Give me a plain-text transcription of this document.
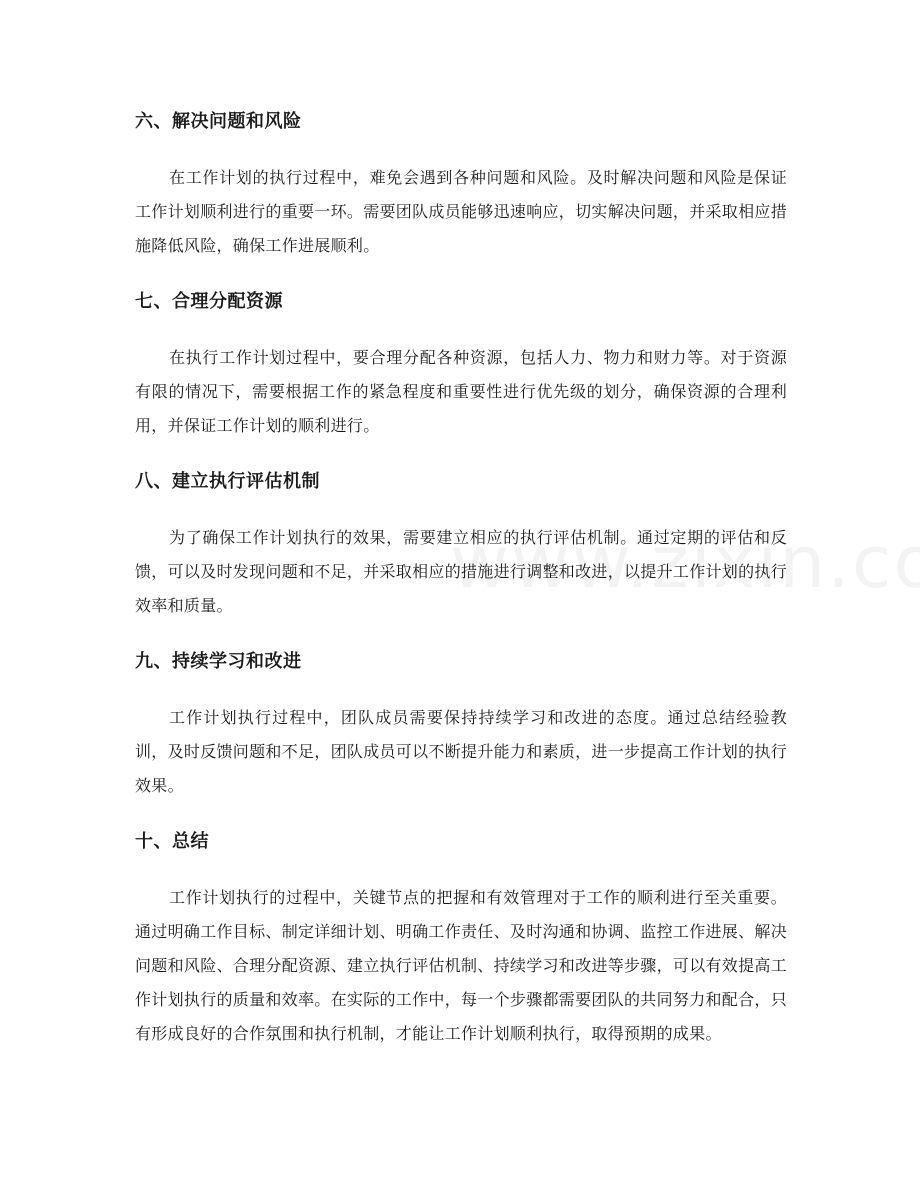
六、解决问题和风险

在工作计划的执行过程中，难免会遇到各种问题和风险。及时解决问题和风险是保证工作计划顺利进行的重要一环。需要团队成员能够迅速响应，切实解决问题，并采取相应措施降低风险，确保工作进展顺利。

七、合理分配资源

在执行工作计划过程中，要合理分配各种资源，包括人力、物力和财力等。对于资源有限的情况下，需要根据工作的紧急程度和重要性进行优先级的划分，确保资源的合理利用，并保证工作计划的顺利进行。

八、建立执行评估机制

为了确保工作计划执行的效果，需要建立相应的执行评估机制。通过定期的评估和反馈，可以及时发现问题和不足，并采取相应的措施进行调整和改进，以提升工作计划的执行效率和质量。

九、持续学习和改进

工作计划执行过程中，团队成员需要保持持续学习和改进的态度。通过总结经验教训，及时反馈问题和不足，团队成员可以不断提升能力和素质，进一步提高工作计划的执行效果。

十、总结

工作计划执行的过程中，关键节点的把握和有效管理对于工作的顺利进行至关重要。通过明确工作目标、制定详细计划、明确工作责任、及时沟通和协调、监控工作进展、解决问题和风险、合理分配资源、建立执行评估机制、持续学习和改进等步骤，可以有效提高工作计划执行的质量和效率。在实际的工作中，每一个步骤都需要团队的共同努力和配合，只有形成良好的合作氛围和执行机制，才能让工作计划顺利执行，取得预期的成果。
